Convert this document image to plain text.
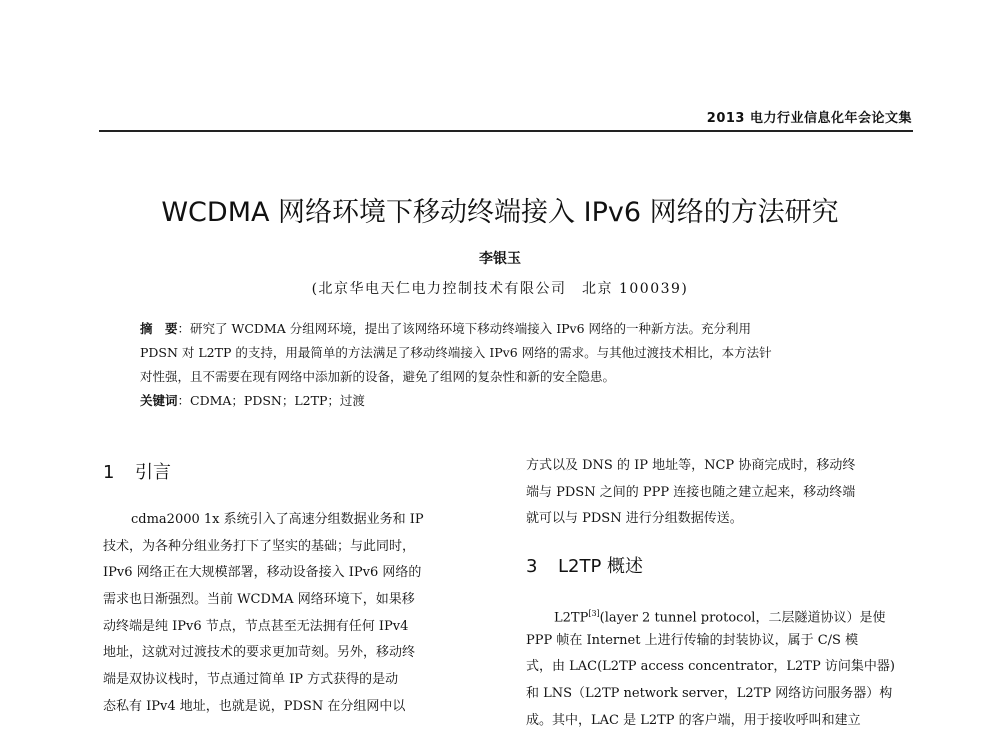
2013 电力行业信息化年会论文集
WCDMA 网络环境下移动终端接入 IPv6 网络的方法研究
李银玉
(北京华电天仁电力控制技术有限公司　北京 100039)
摘　要：研究了 WCDMA 分组网环境，提出了该网络环境下移动终端接入 IPv6 网络的一种新方法。充分利用
PDSN 对 L2TP 的支持，用最简单的方法满足了移动终端接入 IPv6 网络的需求。与其他过渡技术相比，本方法针
对性强，且不需要在现有网络中添加新的设备，避免了组网的复杂性和新的安全隐患。
关键词：CDMA；PDSN；L2TP；过渡
1 引言
cdma2000 1x 系统引入了高速分组数据业务和 IP
技术，为各种分组业务打下了坚实的基础；与此同时，
IPv6 网络正在大规模部署，移动设备接入 IPv6 网络的
需求也日渐强烈。当前 WCDMA 网络环境下，如果移
动终端是纯 IPv6 节点，节点甚至无法拥有任何 IPv4
地址，这就对过渡技术的要求更加苛刻。另外，移动终
端是双协议栈时，节点通过简单 IP 方式获得的是动
态私有 IPv4 地址，也就是说，PDSN 在分组网中以
方式以及 DNS 的 IP 地址等，NCP 协商完成时，移动终
端与 PDSN 之间的 PPP 连接也随之建立起来，移动终端
就可以与 PDSN 进行分组数据传送。
3 L2TP 概述
L2TP[3](layer 2 tunnel protocol，二层隧道协议）是使
PPP 帧在 Internet 上进行传输的封装协议，属于 C/S 模
式，由 LAC(L2TP access concentrator，L2TP 访问集中器)
和 LNS（L2TP network server，L2TP 网络访问服务器）构
成。其中，LAC 是 L2TP 的客户端，用于接收呼叫和建立
